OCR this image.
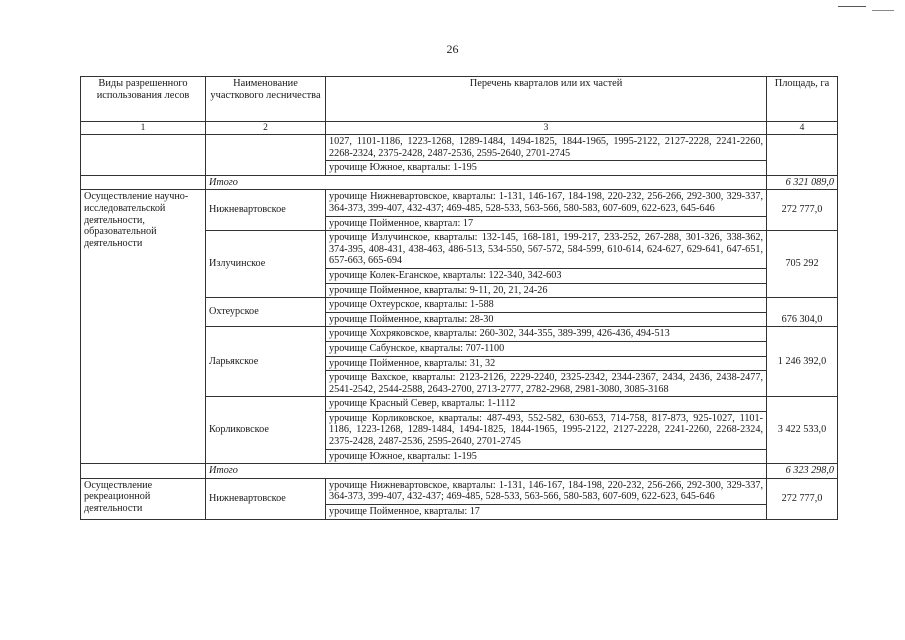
26
Виды разрешенного использования лесов	Наименование участкового лесничества	Перечень кварталов или их частей	Площадь, га
1	2	3	4
		1027, 1101-1186, 1223-1268, 1289-1484, 1494-1825, 1844-1965, 1995-2122, 2127-2228, 2241-2260, 2268-2324, 2375-2428, 2487-2536, 2595-2640, 2701-2745	
		урочище Южное, кварталы: 1-195	
	Итого		6 321 089,0
Осуществление научно-исследовательской деятельности, образовательной деятельности	Нижневартовское	урочище Нижневартовское, кварталы: 1-131, 146-167, 184-198, 220-232, 256-266, 292-300, 329-337, 364-373, 399-407, 432-437; 469-485, 528-533, 563-566, 580-583, 607-609, 622-623, 645-646	272 777,0
		урочище Пойменное, квартал: 17	
	Излучинское	урочище Излучинское, кварталы: 132-145, 168-181, 199-217, 233-252, 267-288, 301-326, 338-362, 374-395, 408-431, 438-463, 486-513, 534-550, 567-572, 584-599, 610-614, 624-627, 629-641, 647-651, 657-663, 665-694	705 292
		урочище Колек-Еганское, кварталы: 122-340, 342-603	
		урочище Пойменное, кварталы: 9-11, 20, 21, 24-26	
	Охтеурское	урочище Охтеурское, кварталы: 1-588	676 304,0
		урочище Пойменное, кварталы: 28-30	
	Ларьякское	урочище Хохряковское, кварталы: 260-302, 344-355, 389-399, 426-436, 494-513	1 246 392,0
		урочище Сабунское, кварталы: 707-1100	
		урочище Пойменное, кварталы: 31, 32	
		урочище Вахское, кварталы: 2123-2126, 2229-2240, 2325-2342, 2344-2367, 2434, 2436, 2438-2477, 2541-2542, 2544-2588, 2643-2700, 2713-2777, 2782-2968, 2981-3080, 3085-3168	
	Корликовское	урочище Красный Север, кварталы: 1-1112	3 422 533,0
		урочище Корликовское, кварталы: 487-493, 552-582, 630-653, 714-758, 817-873, 925-1027, 1101-1186, 1223-1268, 1289-1484, 1494-1825, 1844-1965, 1995-2122, 2127-2228, 2241-2260, 2268-2324, 2375-2428, 2487-2536, 2595-2640, 2701-2745	
		урочище Южное, кварталы: 1-195	
	Итого		6 323 298,0
Осуществление рекреационной деятельности	Нижневартовское	урочище Нижневартовское, кварталы: 1-131, 146-167, 184-198, 220-232, 256-266, 292-300, 329-337, 364-373, 399-407, 432-437; 469-485, 528-533, 563-566, 580-583, 607-609, 622-623, 645-646	272 777,0
		урочище Пойменное, кварталы: 17	
